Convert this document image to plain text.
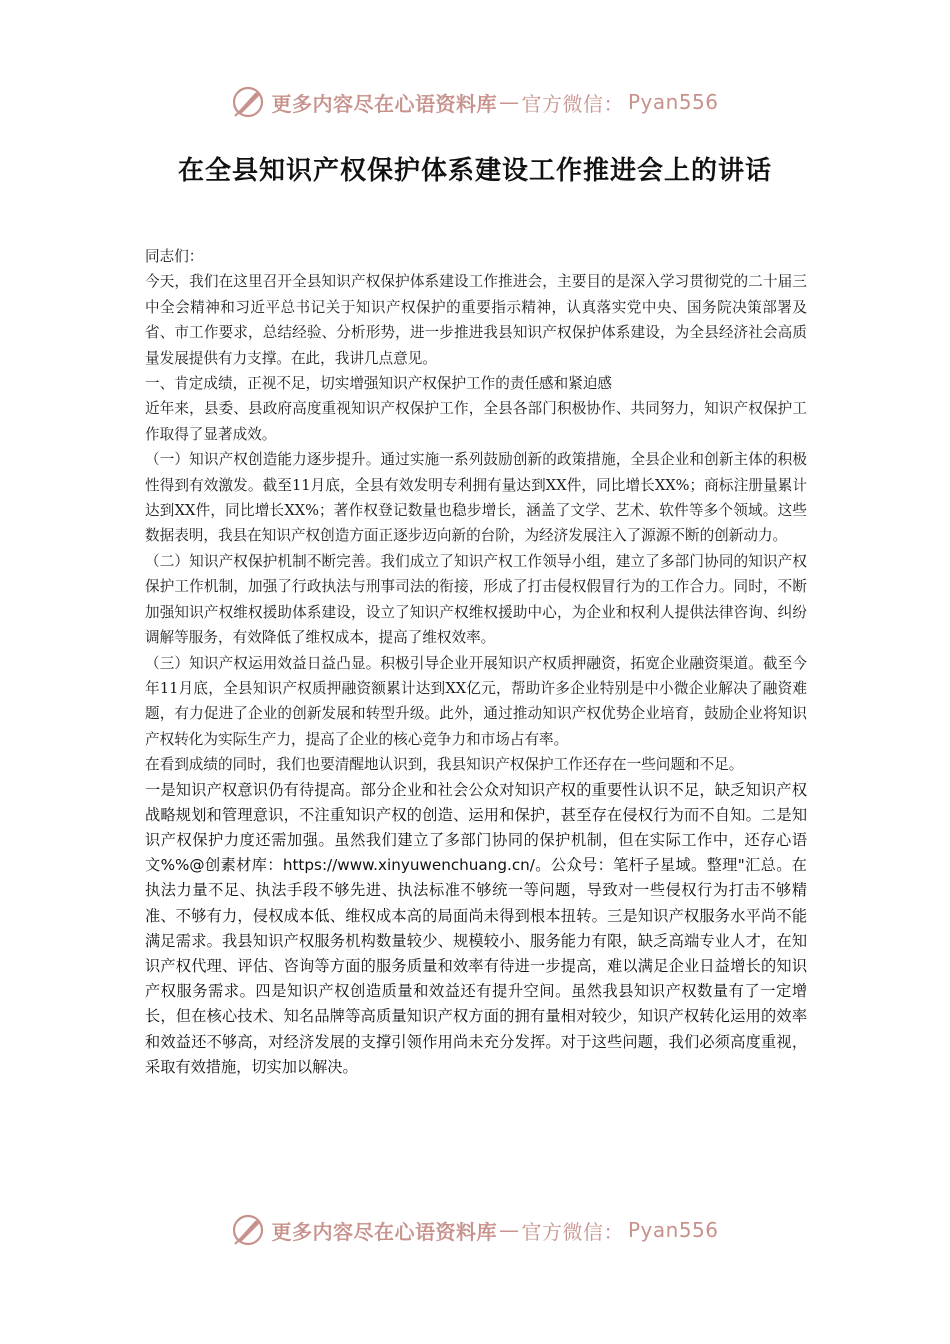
更多内容尽在心语资料库 — 官方微信： Pyan556
在全县知识产权保护体系建设工作推进会上的讲话

同志们：

今天，我们在这里召开全县知识产权保护体系建设工作推进会，主要目的是深入学习贯彻党的二十届三中全会精神和习近平总书记关于知识产权保护的重要指示精神，认真落实党中央、国务院决策部署及省、市工作要求，总结经验、分析形势，进一步推进我县知识产权保护体系建设，为全县经济社会高质量发展提供有力支撑。在此，我讲几点意见。

一、肯定成绩，正视不足，切实增强知识产权保护工作的责任感和紧迫感

近年来，县委、县政府高度重视知识产权保护工作，全县各部门积极协作、共同努力，知识产权保护工作取得了显著成效。

（一）知识产权创造能力逐步提升。通过实施一系列鼓励创新的政策措施，全县企业和创新主体的积极性得到有效激发。截至11月底，全县有效发明专利拥有量达到XX件，同比增长XX%；商标注册量累计达到XX件，同比增长XX%；著作权登记数量也稳步增长，涵盖了文学、艺术、软件等多个领域。这些数据表明，我县在知识产权创造方面正逐步迈向新的台阶，为经济发展注入了源源不断的创新动力。

（二）知识产权保护机制不断完善。我们成立了知识产权工作领导小组，建立了多部门协同的知识产权保护工作机制，加强了行政执法与刑事司法的衔接，形成了打击侵权假冒行为的工作合力。同时，不断加强知识产权维权援助体系建设，设立了知识产权维权援助中心，为企业和权利人提供法律咨询、纠纷调解等服务，有效降低了维权成本，提高了维权效率。

（三）知识产权运用效益日益凸显。积极引导企业开展知识产权质押融资，拓宽企业融资渠道。截至今年11月底，全县知识产权质押融资额累计达到XX亿元，帮助许多企业特别是中小微企业解决了融资难题，有力促进了企业的创新发展和转型升级。此外，通过推动知识产权优势企业培育，鼓励企业将知识产权转化为实际生产力，提高了企业的核心竞争力和市场占有率。

在看到成绩的同时，我们也要清醒地认识到，我县知识产权保护工作还存在一些问题和不足。

一是知识产权意识仍有待提高。部分企业和社会公众对知识产权的重要性认识不足，缺乏知识产权战略规划和管理意识，不注重知识产权的创造、运用和保护，甚至存在侵权行为而不自知。二是知识产权保护力度还需加强。虽然我们建立了多部门协同的保护机制，但在实际工作中，还存心语文%%@创素材库：https://www.xinyuwenchuang.cn/。公众号：笔杆子星域。整理"汇总。在执法力量不足、执法手段不够先进、执法标准不够统一等问题，导致对一些侵权行为打击不够精准、不够有力，侵权成本低、维权成本高的局面尚未得到根本扭转。三是知识产权服务水平尚不能满足需求。我县知识产权服务机构数量较少、规模较小、服务能力有限，缺乏高端专业人才，在知识产权代理、评估、咨询等方面的服务质量和效率有待进一步提高，难以满足企业日益增长的知识产权服务需求。四是知识产权创造质量和效益还有提升空间。虽然我县知识产权数量有了一定增长，但在核心技术、知名品牌等高质量知识产权方面的拥有量相对较少，知识产权转化运用的效率和效益还不够高，对经济发展的支撑引领作用尚未充分发挥。对于这些问题，我们必须高度重视，采取有效措施，切实加以解决。

更多内容尽在心语资料库 — 官方微信： Pyan556
